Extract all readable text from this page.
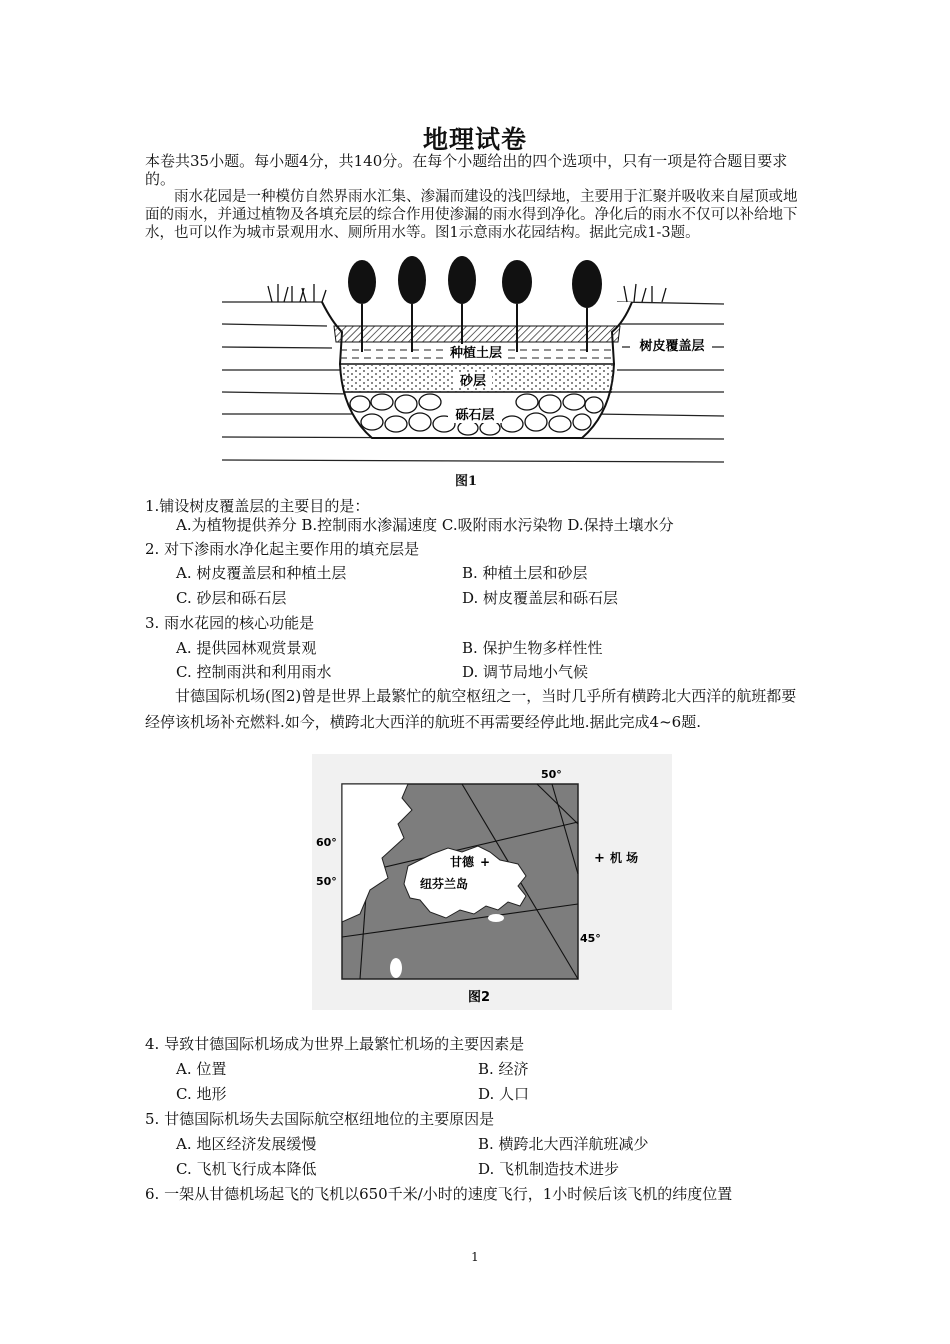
地理试卷
本卷共35小题。每小题4分，共140分。在每个小题给出的四个选项中，只有一项是符合题目要求的。
雨水花园是一种模仿自然界雨水汇集、渗漏而建设的浅凹绿地，主要用于汇聚并吸收来自屋顶或地面的雨水，并通过植物及各填充层的综合作用使渗漏的雨水得到净化。净化后的雨水不仅可以补给地下水，也可以作为城市景观用水、厕所用水等。图1示意雨水花园结构。据此完成1-3题。
种植土层
砂层
砾石层
树皮覆盖层
图1
1.铺设树皮覆盖层的主要目的是：
A.为植物提供养分 B.控制雨水渗漏速度 C.吸附雨水污染物 D.保持土壤水分
2. 对下渗雨水净化起主要作用的填充层是
A. 树皮覆盖层和种植土层	B. 种植土层和砂层
C. 砂层和砾石层	D. 树皮覆盖层和砾石层
3. 雨水花园的核心功能是
A. 提供园林观赏景观	B. 保护生物多样性性
C. 控制雨洪和利用雨水	D. 调节局地小气候
甘德国际机场(图2)曾是世界上最繁忙的航空枢纽之一，当时几乎所有横跨北大西洋的航班都要经停该机场补充燃料.如今，横跨北大西洋的航班不再需要经停此地.据此完成4~6题.
50°
60°
50°
45°
甘德 +
纽芬兰岛
+ 机 场
图2
4. 导致甘德国际机场成为世界上最繁忙机场的主要因素是
A. 位置	B. 经济
C. 地形	D. 人口
5. 甘德国际机场失去国际航空枢纽地位的主要原因是
A. 地区经济发展缓慢	B. 横跨北大西洋航班减少
C. 飞机飞行成本降低	D. 飞机制造技术进步
6. 一架从甘德机场起飞的飞机以650千米/小时的速度飞行，1小时候后该飞机的纬度位置
1
